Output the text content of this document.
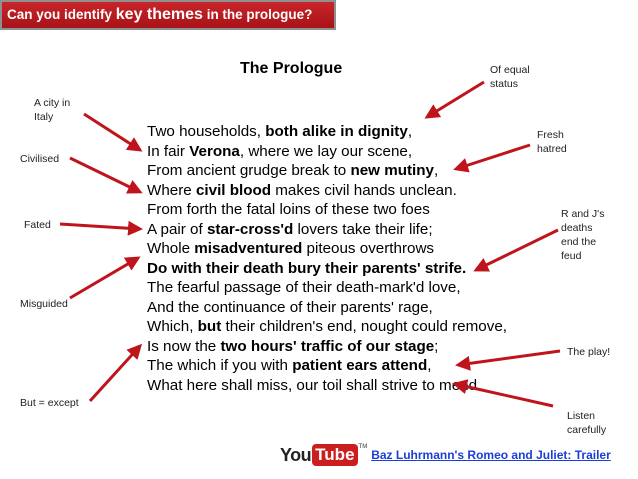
Can you identify key themes in the prologue?
The Prologue
Two households, both alike in dignity,
In fair Verona, where we lay our scene,
From ancient grudge break to new mutiny,
Where civil blood makes civil hands unclean.
From forth the fatal loins of these two foes
A pair of star-cross'd lovers take their life;
Whole misadventured piteous overthrows
Do with their death bury their parents' strife.
The fearful passage of their death-mark'd love,
And the continuance of their parents' rage,
Which, but their children's end, nought could remove,
Is now the two hours' traffic of our stage;
The which if you with patient ears attend,
What here shall miss, our toil shall strive to mend.
A city in
Italy
Civilised
Fated
Misguided
But = except
Of equal
status
Fresh
hatred
R and J's
deaths
end the
feud
The play!
Listen
carefully
You Tube TM
Baz Luhrmann's Romeo and Juliet: Trailer
